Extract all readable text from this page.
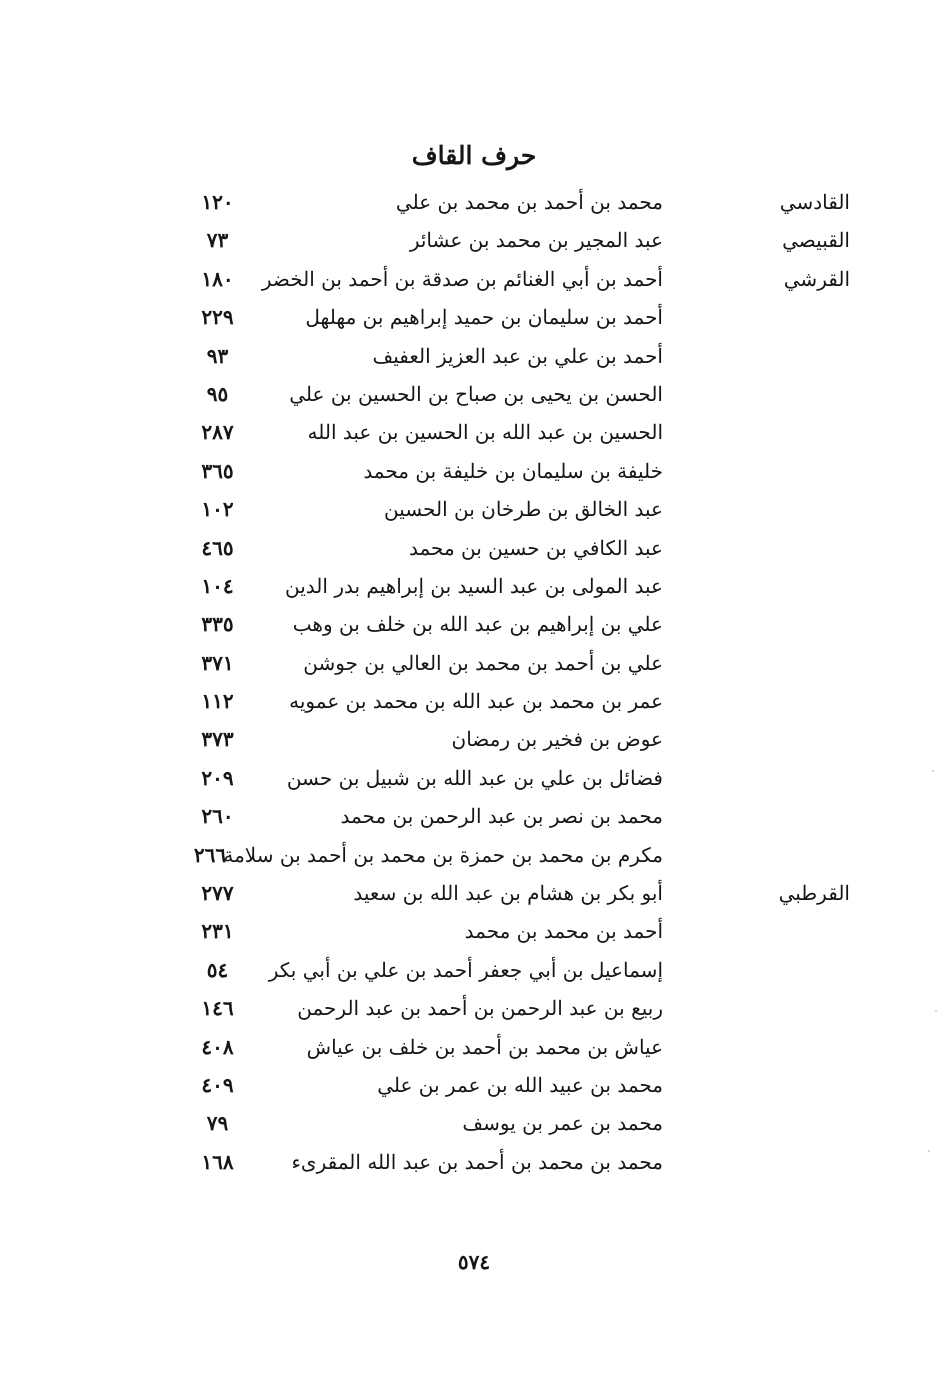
حرف القاف
القادسي
محمد بن أحمد بن محمد بن علي
١٢٠
القبيصي
عبد المجير بن محمد بن عشائر
٧٣
القرشي
أحمد بن أبي الغنائم بن صدقة بن أحمد بن الخضر
١٨٠
أحمد بن سليمان بن حميد إبراهيم بن مهلهل
٢٢٩
أحمد بن علي بن عبد العزيز العفيف
٩٣
الحسن بن يحيى بن صباح بن الحسين بن علي
٩٥
الحسين بن عبد الله بن الحسين بن عبد الله
٢٨٧
خليفة بن سليمان بن خليفة بن محمد
٣٦٥
عبد الخالق بن طرخان بن الحسين
١٠٢
عبد الكافي بن حسين بن محمد
٤٦٥
عبد المولى بن عبد السيد بن إبراهيم بدر الدين
١٠٤
علي بن إبراهيم بن عبد الله بن خلف بن وهب
٣٣٥
علي بن أحمد بن محمد بن العالي بن جوشن
٣٧١
عمر بن محمد بن عبد الله بن محمد بن عمويه
١١٢
عوض بن فخير بن رمضان
٣٧٣
فضائل بن علي بن عبد الله بن شبيل بن حسن
٢٠٩
محمد بن نصر بن عبد الرحمن بن محمد
٢٦٠
مكرم بن محمد بن حمزة بن محمد بن أحمد بن سلامة
٢٦٦
القرطبي
أبو بكر بن هشام بن عبد الله بن سعيد
٢٧٧
أحمد بن محمد بن محمد
٢٣١
إسماعيل بن أبي جعفر أحمد بن علي بن أبي بكر
٥٤
ربيع بن عبد الرحمن بن أحمد بن عبد الرحمن
١٤٦
عياش بن محمد بن أحمد بن خلف بن عياش
٤٠٨
محمد بن عبيد الله بن عمر بن علي
٤٠٩
محمد بن عمر بن يوسف
٧٩
محمد بن محمد بن أحمد بن عبد الله المقرىء
١٦٨
٥٧٤
